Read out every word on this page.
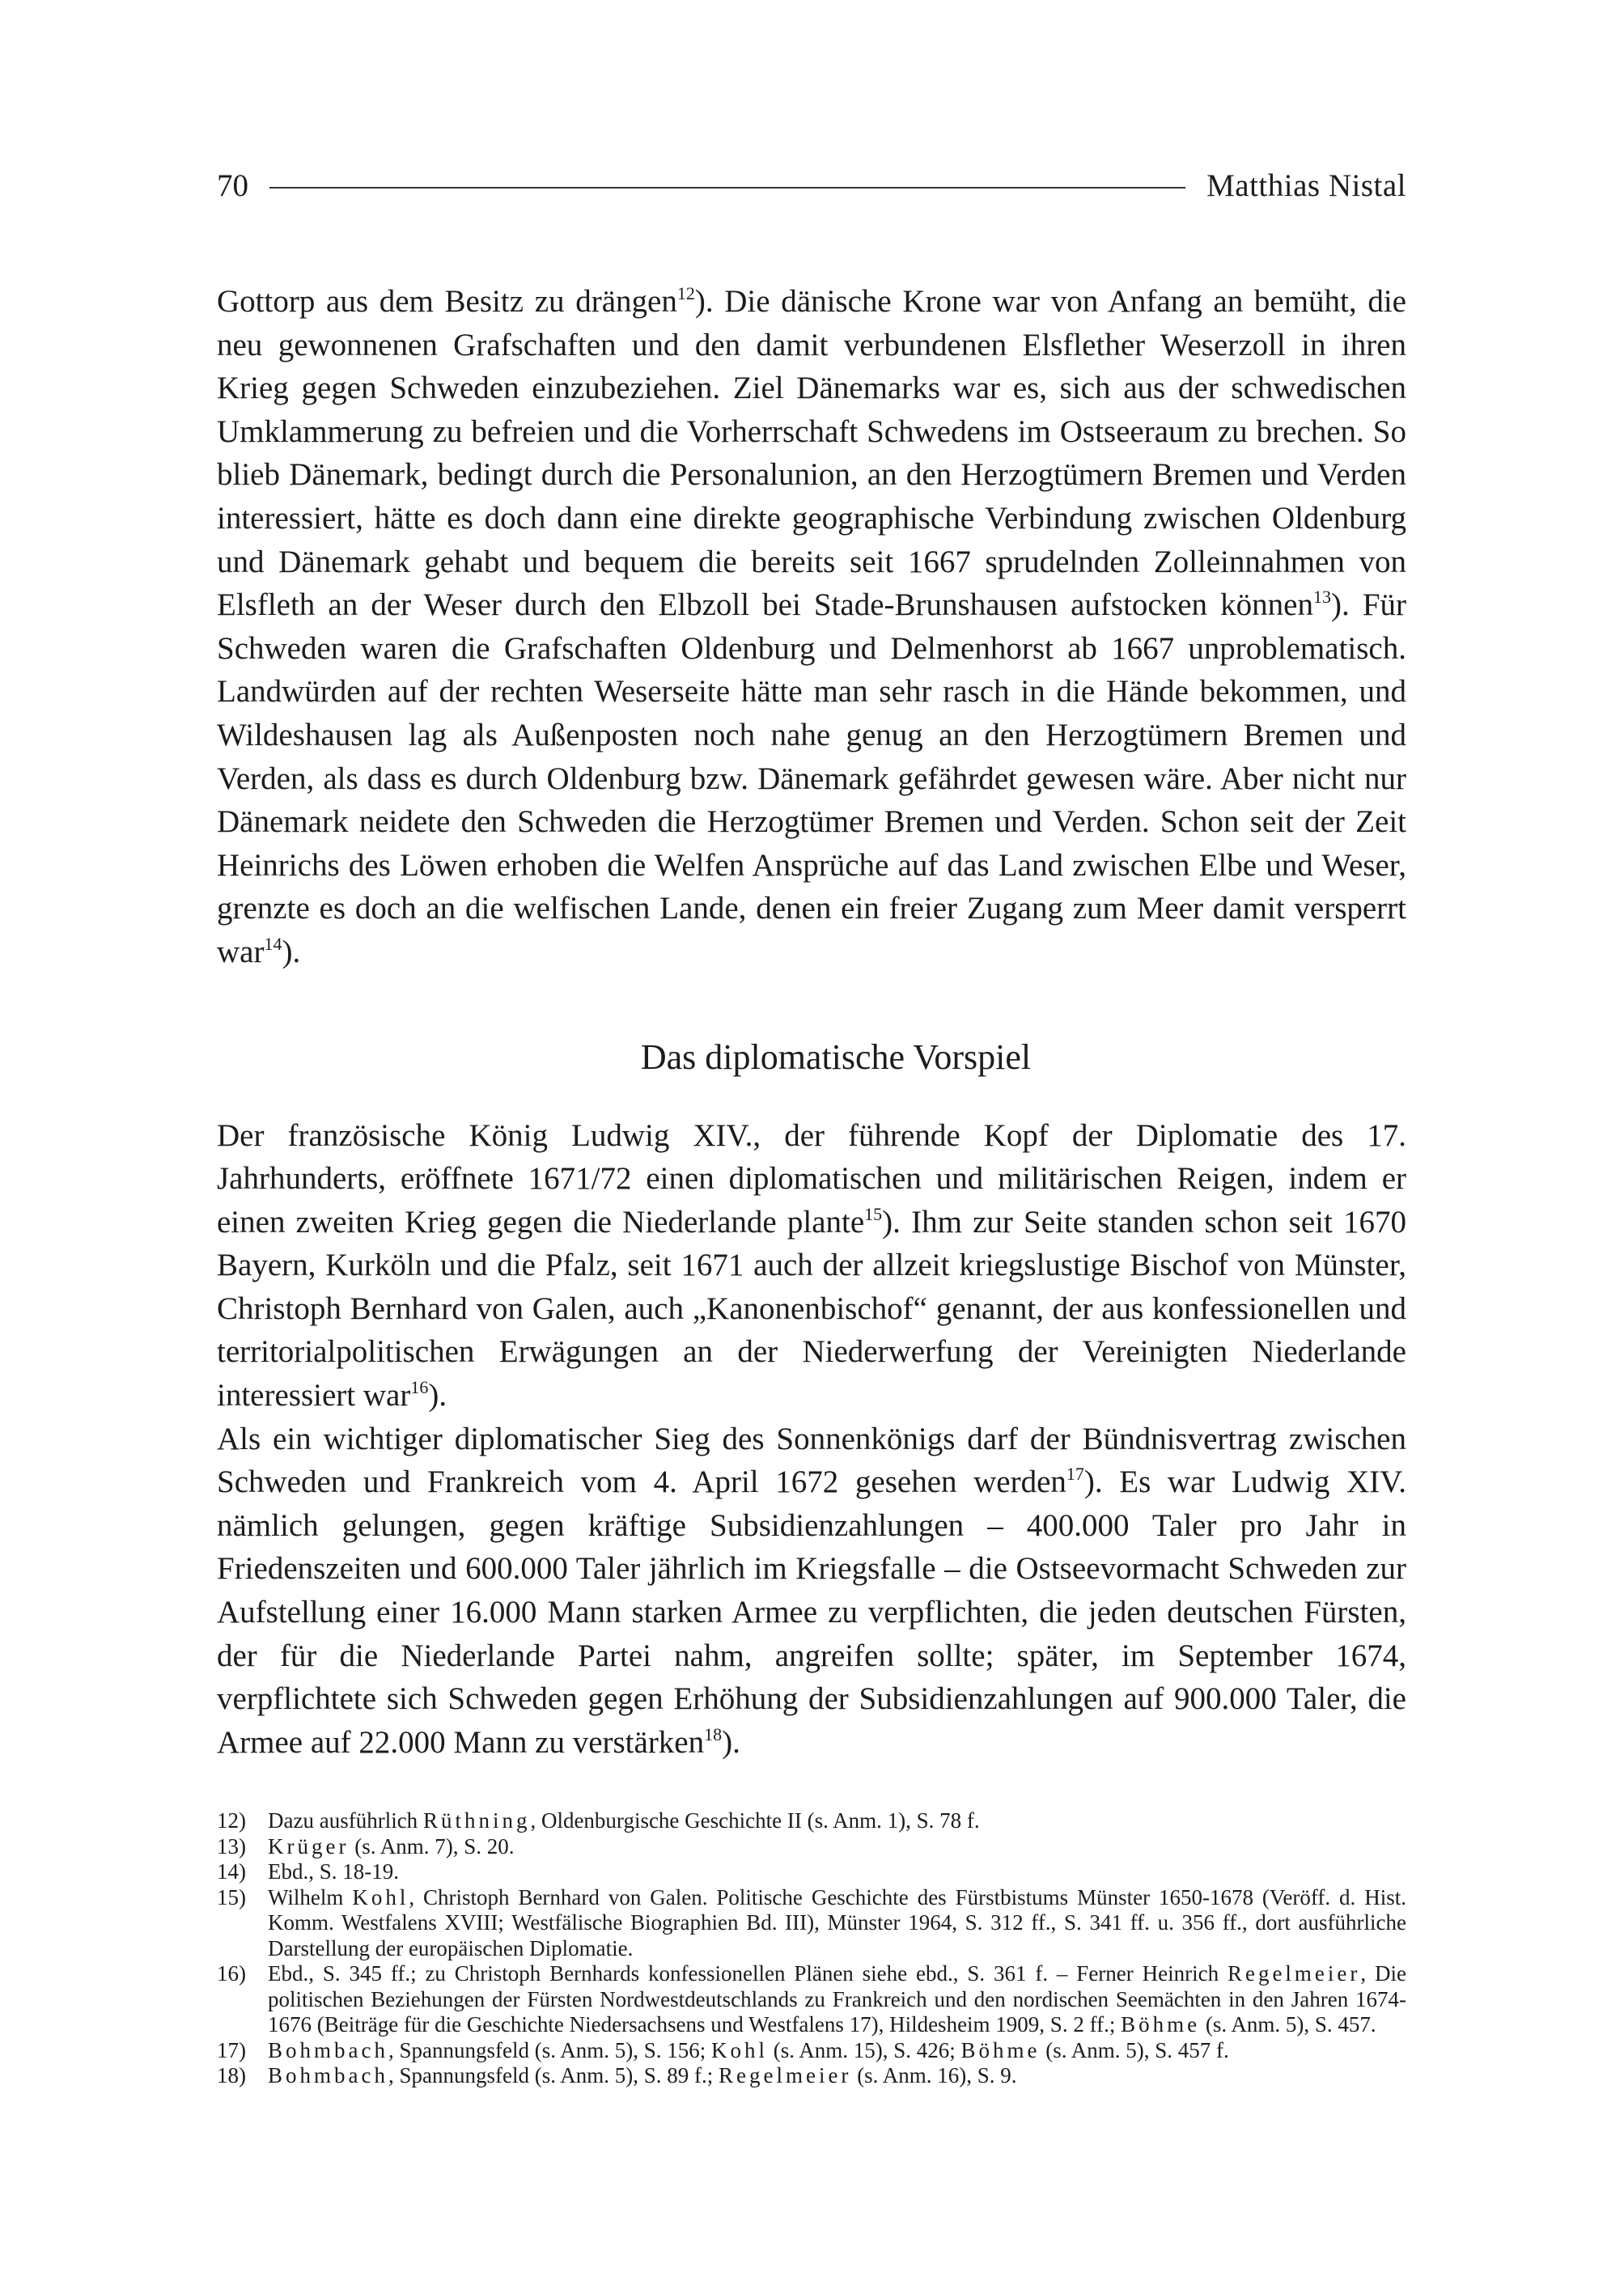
70	Matthias Nistal

Gottorp aus dem Besitz zu drängen$^{12}$). Die dänische Krone war von Anfang an bemüht, die neu gewonnenen Grafschaften und den damit verbundenen Elsflether Weserzoll in ihren Krieg gegen Schweden einzubeziehen. Ziel Dänemarks war es, sich aus der schwedischen Umklammerung zu befreien und die Vorherrschaft Schwedens im Ostseeraum zu brechen. So blieb Dänemark, bedingt durch die Personalunion, an den Herzogtümern Bremen und Verden interessiert, hätte es doch dann eine direkte geographische Verbindung zwischen Oldenburg und Dänemark gehabt und bequem die bereits seit 1667 sprudelnden Zolleinnahmen von Elsfleth an der Weser durch den Elbzoll bei Stade-Brunshausen aufstocken können$^{13}$). Für Schweden waren die Grafschaften Oldenburg und Delmenhorst ab 1667 unproblematisch. Landwürden auf der rechten Weserseite hätte man sehr rasch in die Hände bekommen, und Wildeshausen lag als Außenposten noch nahe genug an den Herzogtümern Bremen und Verden, als dass es durch Oldenburg bzw. Dänemark gefährdet gewesen wäre. Aber nicht nur Dänemark neidete den Schweden die Herzogtümer Bremen und Verden. Schon seit der Zeit Heinrichs des Löwen erhoben die Welfen Ansprüche auf das Land zwischen Elbe und Weser, grenzte es doch an die welfischen Lande, denen ein freier Zugang zum Meer damit versperrt war$^{14}$).

Das diplomatische Vorspiel

Der französische König Ludwig XIV., der führende Kopf der Diplomatie des 17. Jahrhunderts, eröffnete 1671/72 einen diplomatischen und militärischen Reigen, indem er einen zweiten Krieg gegen die Niederlande plante$^{15}$). Ihm zur Seite standen schon seit 1670 Bayern, Kurköln und die Pfalz, seit 1671 auch der allzeit kriegslustige Bischof von Münster, Christoph Bernhard von Galen, auch „Kanonenbischof“ genannt, der aus konfessionellen und territorialpolitischen Erwägungen an der Niederwerfung der Vereinigten Niederlande interessiert war$^{16}$).

Als ein wichtiger diplomatischer Sieg des Sonnenkönigs darf der Bündnisvertrag zwischen Schweden und Frankreich vom 4. April 1672 gesehen werden$^{17}$). Es war Ludwig XIV. nämlich gelungen, gegen kräftige Subsidienzahlungen – 400.000 Taler pro Jahr in Friedenszeiten und 600.000 Taler jährlich im Kriegsfalle – die Ostseevormacht Schweden zur Aufstellung einer 16.000 Mann starken Armee zu verpflichten, die jeden deutschen Fürsten, der für die Niederlande Partei nahm, angreifen sollte; später, im September 1674, verpflichtete sich Schweden gegen Erhöhung der Subsidienzahlungen auf 900.000 Taler, die Armee auf 22.000 Mann zu verstärken$^{18}$).

12)	Dazu ausführlich Rüthning, Oldenburgische Geschichte II (s. Anm. 1), S. 78 f.
13)	Krüger (s. Anm. 7), S. 20.
14)	Ebd., S. 18-19.
15)	Wilhelm Kohl, Christoph Bernhard von Galen. Politische Geschichte des Fürstbistums Münster 1650-1678 (Veröff. d. Hist. Komm. Westfalens XVIII; Westfälische Biographien Bd. III), Münster 1964, S. 312 ff., S. 341 ff. u. 356 ff., dort ausführliche Darstellung der europäischen Diplomatie.
16)	Ebd., S. 345 ff.; zu Christoph Bernhards konfessionellen Plänen siehe ebd., S. 361 f. – Ferner Heinrich Regelmeier, Die politischen Beziehungen der Fürsten Nordwestdeutschlands zu Frankreich und den nordischen Seemächten in den Jahren 1674-1676 (Beiträge für die Geschichte Niedersachsens und Westfalens 17), Hildesheim 1909, S. 2 ff.; Böhme (s. Anm. 5), S. 457.
17)	Bohmbach, Spannungsfeld (s. Anm. 5), S. 156; Kohl (s. Anm. 15), S. 426; Böhme (s. Anm. 5), S. 457 f.
18)	Bohmbach, Spannungsfeld (s. Anm. 5), S. 89 f.; Regelmeier (s. Anm. 16), S. 9.
